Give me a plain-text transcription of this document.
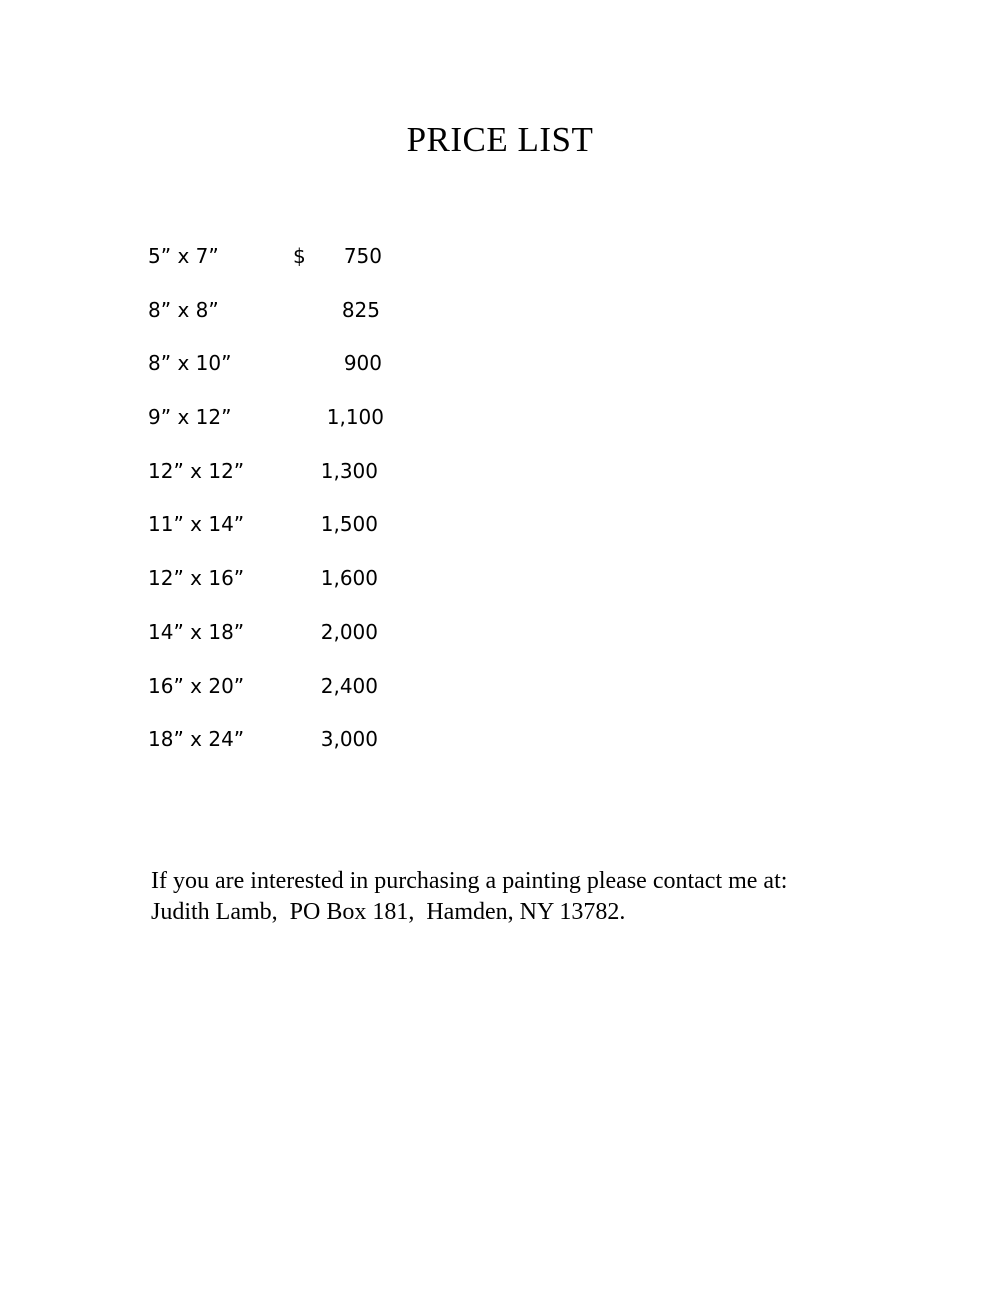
PRICE LIST
5” x 7”	$ 750
8” x 8”	825
8” x 10”	900
9” x 12”	1,100
12” x 12”	1,300
11” x 14”	1,500
12” x 16”	1,600
14” x 18”	2,000
16” x 20”	2,400
18” x 24”	3,000
If you are interested in purchasing a painting please contact me at:
Judith Lamb,  PO Box 181,  Hamden, NY 13782.
